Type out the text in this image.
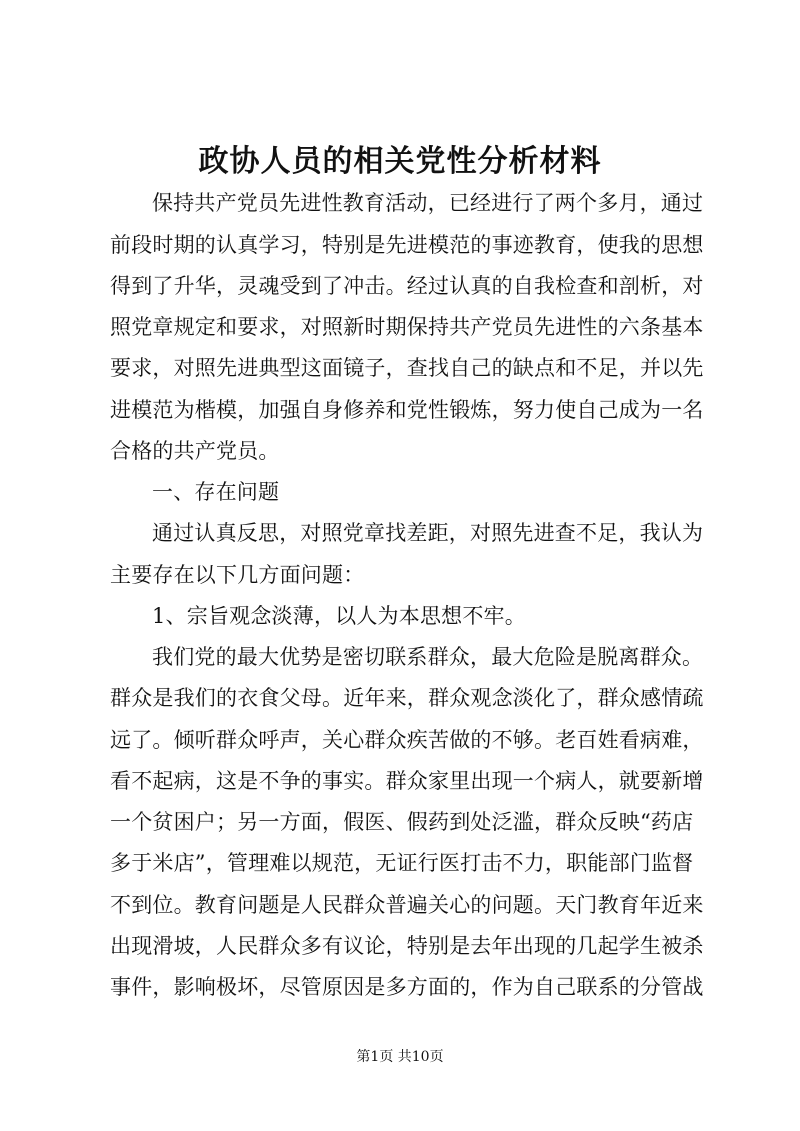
政协人员的相关党性分析材料
保持共产党员先进性教育活动，已经进行了两个多月，通过
前段时期的认真学习，特别是先进模范的事迹教育，使我的思想
得到了升华，灵魂受到了冲击。经过认真的自我检查和剖析，对
照党章规定和要求，对照新时期保持共产党员先进性的六条基本
要求，对照先进典型这面镜子，查找自己的缺点和不足，并以先
进模范为楷模，加强自身修养和党性锻炼，努力使自己成为一名
合格的共产党员。
一、存在问题
通过认真反思，对照党章找差距，对照先进查不足，我认为
主要存在以下几方面问题：
1、宗旨观念淡薄，以人为本思想不牢。
我们党的最大优势是密切联系群众，最大危险是脱离群众。
群众是我们的衣食父母。近年来，群众观念淡化了，群众感情疏
远了。倾听群众呼声，关心群众疾苦做的不够。老百姓看病难，
看不起病，这是不争的事实。群众家里出现一个病人，就要新增
一个贫困户；另一方面，假医、假药到处泛滥，群众反映“药店
多于米店”，管理难以规范，无证行医打击不力，职能部门监督
不到位。教育问题是人民群众普遍关心的问题。天门教育年近来
出现滑坡，人民群众多有议论，特别是去年出现的几起学生被杀
事件，影响极坏，尽管原因是多方面的，作为自己联系的分管战
第1页 共10页
